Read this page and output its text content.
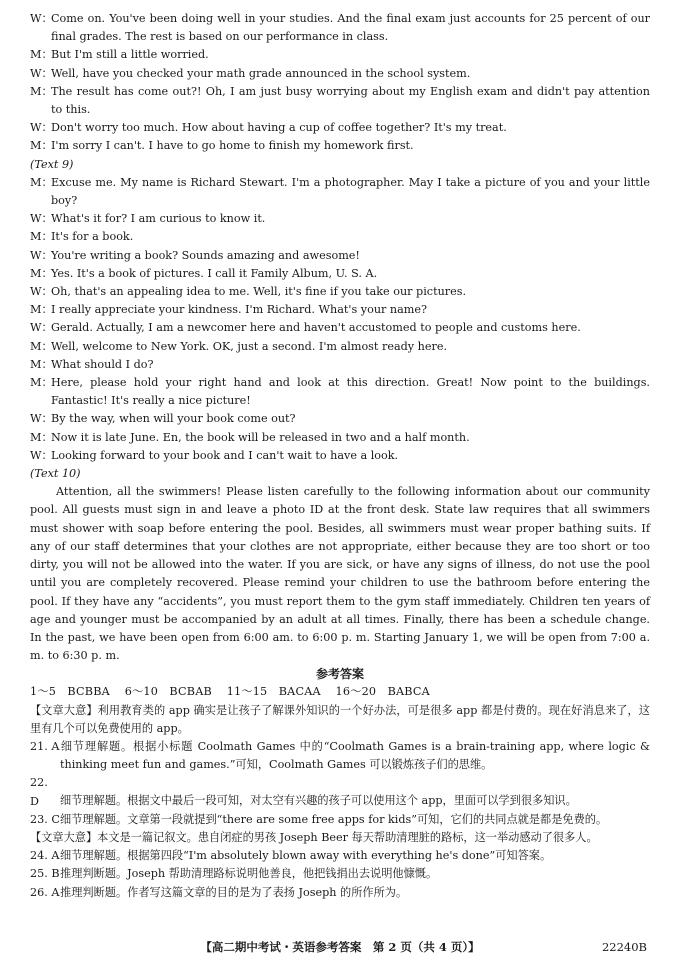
W：Come on. You've been doing well in your studies. And the final exam just accounts for 25 percent of our final grades. The rest is based on our performance in class.
M：But I'm still a little worried.
W：Well, have you checked your math grade announced in the school system.
M：The result has come out?! Oh, I am just busy worrying about my English exam and didn't pay attention to this.
W：Don't worry too much. How about having a cup of coffee together? It's my treat.
M：I'm sorry I can't. I have to go home to finish my homework first.
(Text 9)
M：Excuse me. My name is Richard Stewart. I'm a photographer. May I take a picture of you and your little boy?
W：What's it for? I am curious to know it.
M：It's for a book.
W：You're writing a book? Sounds amazing and awesome!
M：Yes. It's a book of pictures. I call it Family Album, U. S. A.
W：Oh, that's an appealing idea to me. Well, it's fine if you take our pictures.
M：I really appreciate your kindness. I'm Richard. What's your name?
W：Gerald. Actually, I am a newcomer here and haven't accustomed to people and customs here.
M：Well, welcome to New York. OK, just a second. I'm almost ready here.
M：What should I do?
M：Here, please hold your right hand and look at this direction. Great! Now point to the buildings. Fantastic! It's really a nice picture!
W：By the way, when will your book come out?
M：Now it is late June. En, the book will be released in two and a half month.
W：Looking forward to your book and I can't wait to have a look.
(Text 10)
Attention, all the swimmers! Please listen carefully to the following information about our community pool. All guests must sign in and leave a photo ID at the front desk. State law requires that all swimmers must shower with soap before entering the pool. Besides, all swimmers must wear proper bathing suits. If any of our staff determines that your clothes are not appropriate, either because they are too short or too dirty, you will not be allowed into the water. If you are sick, or have any signs of illness, do not use the pool until you are completely recovered. Please remind your children to use the bathroom before entering the pool. If they have any “accidents”, you must report them to the gym staff immediately. Children ten years of age and younger must be accompanied by an adult at all times. Finally, there has been a schedule change. In the past, we have been open from 6:00 am. to 6:00 p. m. Starting January 1, we will be open from 7:00 a. m. to 6:30 p. m.
参考答案
1～5　BCBBA 6～10　BCBAB 11～15　BACAA 16～20　BABCA
【文章大意】利用教育类的 app 确实是让孩子了解课外知识的一个好办法，可是很多 app 都是付费的。现在好消息来了，这里有几个可以免费使用的 app。
21. A细节理解题。根据小标题 Coolmath Games 中的“Coolmath Games is a brain-training app, where logic & thinking meet fun and games.”可知，Coolmath Games 可以锻炼孩子们的思维。
22. D 细节理解题。根据文中最后一段可知，对太空有兴趣的孩子可以使用这个 app，里面可以学到很多知识。
23. C细节理解题。文章第一段就提到“there are some free apps for kids”可知，它们的共同点就是都是免费的。
【文章大意】本文是一篇记叙文。患自闭症的男孩 Joseph Beer 每天帮助清理脏的路标，这一举动感动了很多人。
24. A细节理解题。根据第四段“I'm absolutely blown away with everything he's done”可知答案。
25. B推理判断题。Joseph 帮助清理路标说明他善良，他把钱捐出去说明他慷慨。
26. A推理判断题。作者写这篇文章的目的是为了表扬 Joseph 的所作所为。
【高二期中考试・英语参考答案　第 2 页（共 4 页）】	22240B
